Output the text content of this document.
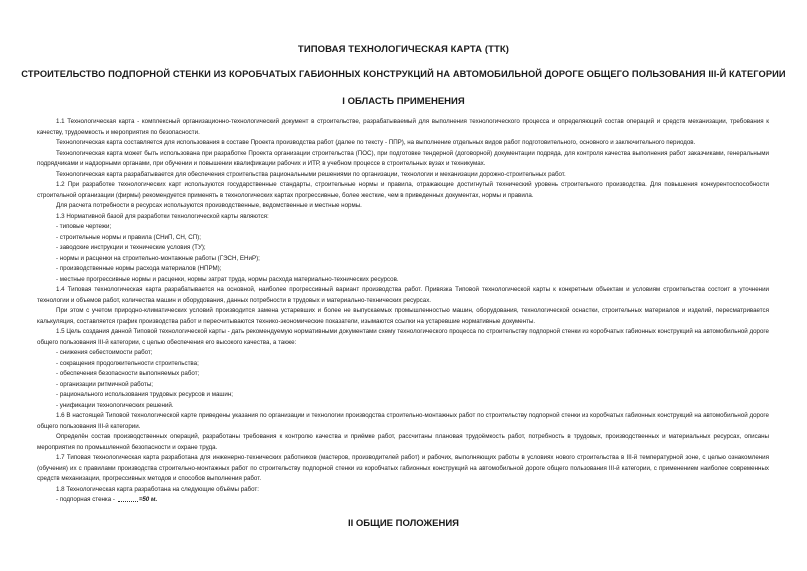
ТИПОВАЯ ТЕХНОЛОГИЧЕСКАЯ КАРТА (ТТК)
СТРОИТЕЛЬСТВО ПОДПОРНОЙ СТЕНКИ ИЗ КОРОБЧАТЫХ ГАБИОННЫХ КОНСТРУКЦИЙ НА АВТОМОБИЛЬНОЙ ДОРОГЕ ОБЩЕГО ПОЛЬЗОВАНИЯ III-Й КАТЕГОРИИ
I ОБЛАСТЬ ПРИМЕНЕНИЯ

1.1 Технологическая карта - комплексный организационно-технологический документ в строительстве, разрабатываемый для выполнения технологического процесса и определяющий состав операций и средств механизации, требования к качеству, трудоемкость и мероприятия по безопасности.

Технологическая карта составляется для использования в составе Проекта производства работ (далее по тексту - ППР), на выполнение отдельных видов работ подготовительного, основного и заключительного периодов.

Технологическая карта может быть использована при разработке Проекта организации строительства (ПОС), при подготовке тендерной (договорной) документации подряда, для контроля качества выполнения работ заказчиками, генеральными подрядчиками и надзорными органами, при обучении и повышении квалификации рабочих и ИТР, в учебном процессе в строительных вузах и техникумах.

Технологическая карта разрабатывается для обеспечения строительства рациональными решениями по организации, технологии и механизации дорожно-строительных работ.

1.2 При разработке технологических карт используются государственные стандарты, строительные нормы и правила, отражающие достигнутый технический уровень строительного производства. Для повышения конкурентоспособности строительной организации (фирмы) рекомендуется применять в технологических картах прогрессивные, более жесткие, чем в приведенных документах, нормы и правила.

Для расчета потребности в ресурсах используются производственные, ведомственные и местные нормы.

1.3 Нормативной базой для разработки технологической карты являются:

- типовые чертежи;

- строительные нормы и правила (СНиП, СН, СП);

- заводские инструкции и технические условия (ТУ);

- нормы и расценки на строительно-монтажные работы (ГЭСН, ЕНиР);

- производственные нормы расхода материалов (НПРМ);

- местные прогрессивные нормы и расценки, нормы затрат труда, нормы расхода материально-технических ресурсов.

1.4 Типовая технологическая карта разрабатывается на основной, наиболее прогрессивный вариант производства работ. Привязка Типовой технологической карты к конкретным объектам и условиям строительства состоит в уточнении технологии и объемов работ, количества машин и оборудования, данных потребности в трудовых и материально-технических ресурсах.

При этом с учетом природно-климатических условий производится замена устаревших и более не выпускаемых промышленностью машин, оборудования, технологической оснастки, строительных материалов и изделий, пересматривается калькуляция, составляется график производства работ и пересчитываются технико-экономические показатели, изымаются ссылки на устаревшие нормативные документы.

1.5 Цель создания данной Типовой технологической карты - дать рекомендуемую нормативными документами схему технологического процесса по строительству подпорной стенки из коробчатых габионных конструкций на автомобильной дороге общего пользования III-й категории, с целью обеспечения его высокого качества, а также:

- снижения себестоимости работ;

- сокращения продолжительности строительства;

- обеспечения безопасности выполняемых работ;

- организации ритмичной работы;

- рационального использования трудовых ресурсов и машин;

- унификации технологических решений.

1.6 В настоящей Типовой технологической карте приведены указания по организации и технологии производства строительно-монтажных работ по строительству подпорной стенки из коробчатых габионных конструкций на автомобильной дороге общего пользования III-й категории.

Определён состав производственных операций, разработаны требования к контролю качества и приёмке работ, рассчитаны плановая трудоёмкость работ, потребность в трудовых, производственных и материальных ресурсах, описаны мероприятия по промышленной безопасности и охране труда.

1.7 Типовая технологическая карта разработана для инженерно-технических работников (мастеров, производителей работ) и рабочих, выполняющих работы в условиях нового строительства в III-й температурной зоне, с целью ознакомления (обучения) их с правилами производства строительно-монтажных работ по строительству подпорной стенки из коробчатых габионных конструкций на автомобильной дороге общего пользования III-й категории, с применением наиболее современных средств механизации, прогрессивных методов и способов выполнения работ.

1.8 Технологическая карта разработана на следующие объёмы работ:

- подпорная стенка -	=50 м.

II ОБЩИЕ ПОЛОЖЕНИЯ
